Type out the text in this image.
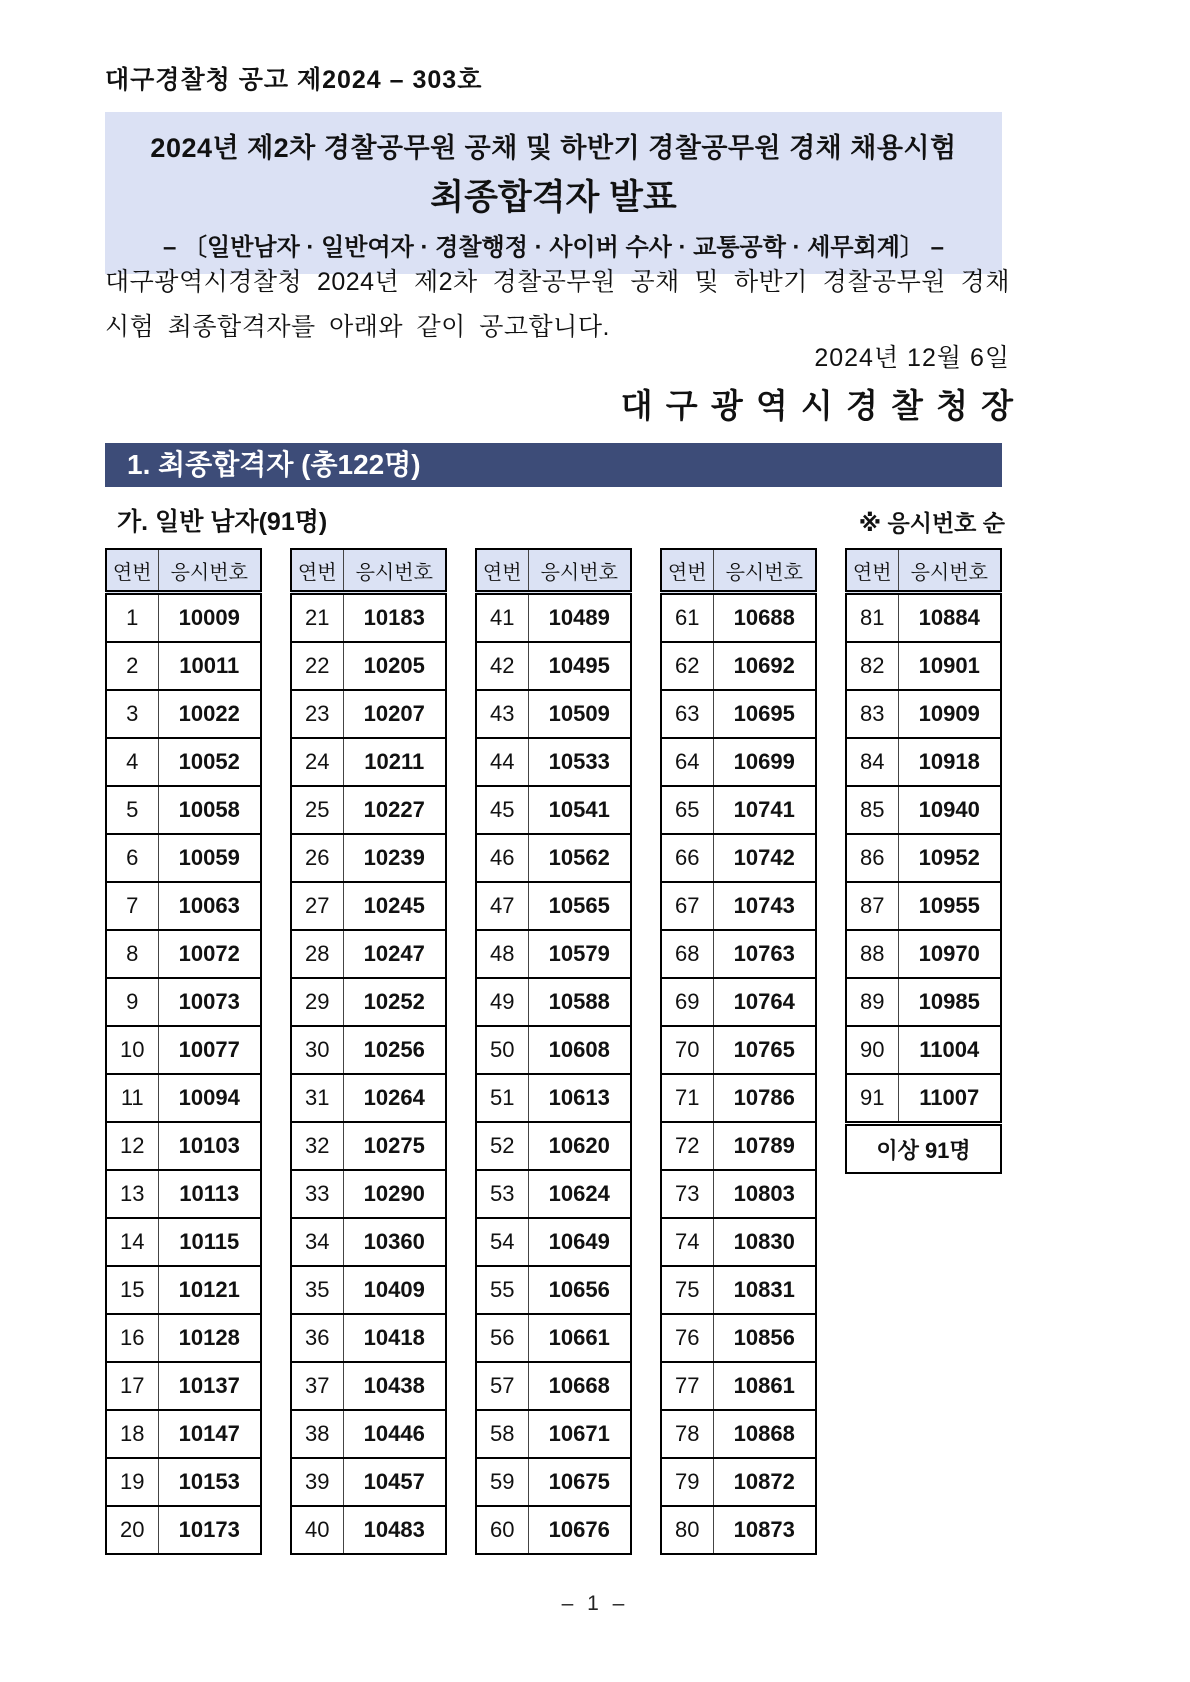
대구경찰청 공고 제2024 – 303호
2024년 제2차 경찰공무원 공채 및 하반기 경찰공무원 경채 채용시험
최종합격자 발표
– 〔일반남자 · 일반여자 · 경찰행정 · 사이버 수사 · 교통공학 · 세무회계〕 –
대구광역시경찰청 2024년 제2차 경찰공무원 공채 및 하반기 경찰공무원 경채시험 최종합격자를 아래와 같이 공고합니다.
2024년 12월 6일
대 구 광 역 시 경 찰 청 장
1. 최종합격자 (총122명)
가. 일반 남자(91명)	※ 응시번호 순
연번	응시번호
1	10009
2	10011
3	10022
4	10052
5	10058
6	10059
7	10063
8	10072
9	10073
10	10077
11	10094
12	10103
13	10113
14	10115
15	10121
16	10128
17	10137
18	10147
19	10153
20	10173
연번	응시번호
21	10183
22	10205
23	10207
24	10211
25	10227
26	10239
27	10245
28	10247
29	10252
30	10256
31	10264
32	10275
33	10290
34	10360
35	10409
36	10418
37	10438
38	10446
39	10457
40	10483
연번	응시번호
41	10489
42	10495
43	10509
44	10533
45	10541
46	10562
47	10565
48	10579
49	10588
50	10608
51	10613
52	10620
53	10624
54	10649
55	10656
56	10661
57	10668
58	10671
59	10675
60	10676
연번	응시번호
61	10688
62	10692
63	10695
64	10699
65	10741
66	10742
67	10743
68	10763
69	10764
70	10765
71	10786
72	10789
73	10803
74	10830
75	10831
76	10856
77	10861
78	10868
79	10872
80	10873
연번	응시번호
81	10884
82	10901
83	10909
84	10918
85	10940
86	10952
87	10955
88	10970
89	10985
90	11004
91	11007
이상 91명	
– 1 –
